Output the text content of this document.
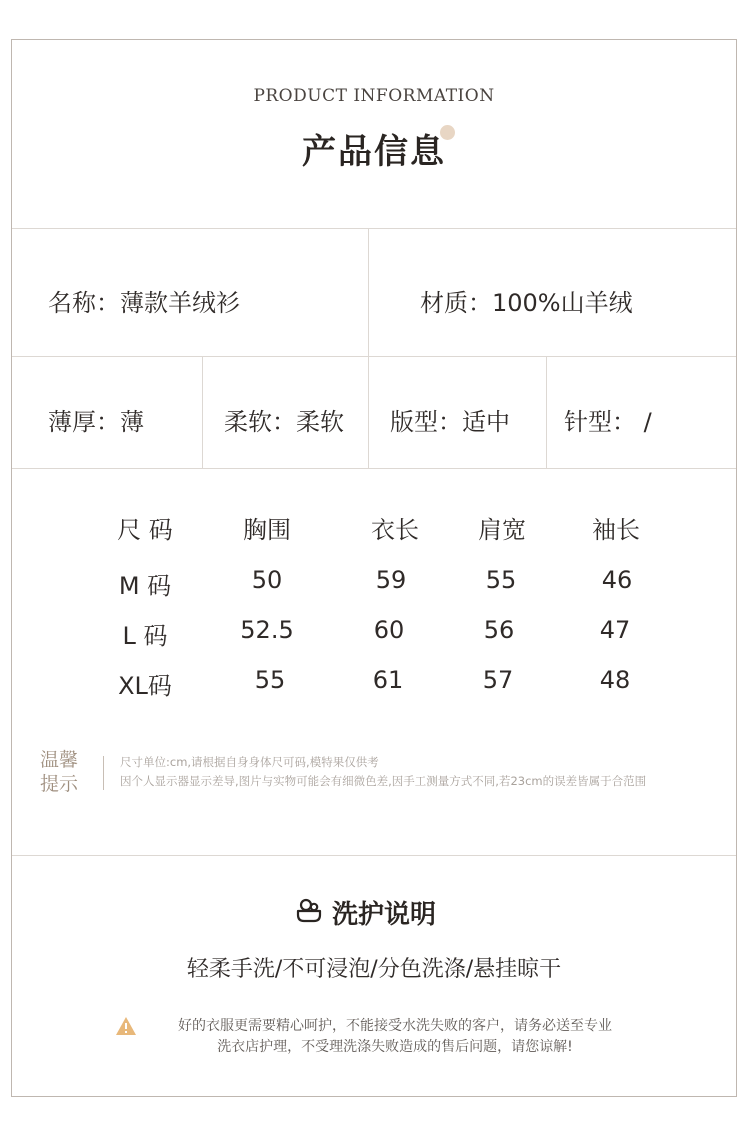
PRODUCT INFORMATION
产品信息
名称：薄款羊绒衫	材质：100%山羊绒
薄厚：薄	柔软：柔软 版型：适中 针型： /
尺 码	胸围	衣长	肩宽	袖长
M 码	50	59	55	46
L 码	52.5	60	56	47
XL码	55	61	57	48
温馨
提示
尺寸单位:cm,请根据自身身体尺可码,模特果仅供考
因个人显示器显示差导,图片与实物可能会有细微色差,因手工测量方式不同,若23cm的误差皆属于合范围
洗护说明
轻柔手洗/不可浸泡/分色洗涤/悬挂晾干
好的衣服更需要精心呵护，不能接受水洗失败的客户，请务必送至专业
洗衣店护理，不受理洗涤失败造成的售后问题，请您谅解!
